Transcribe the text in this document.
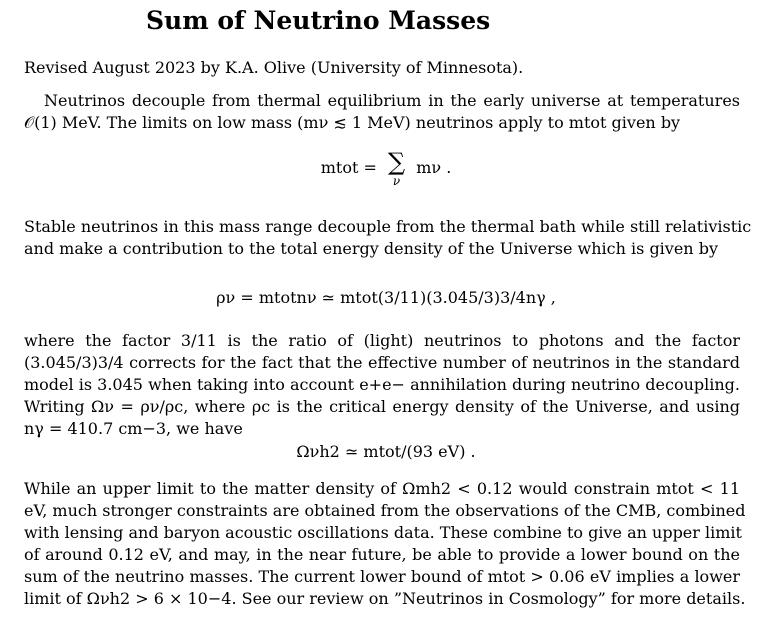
Sum of Neutrino Masses
Revised August 2023 by K.A. Olive (University of Minnesota).
Neutrinos decouple from thermal equilibrium in the early universe at temperatures
𝒪(1) MeV. The limits on low mass (mν ≲ 1 MeV) neutrinos apply to mtot given by
mtot = ∑
ν
mν .
Stable neutrinos in this mass range decouple from the thermal bath while still relativistic
and make a contribution to the total energy density of the Universe which is given by
ρν = mtotnν ≃ mtot(3/11)(3.045/3)3/4nγ ,
where the factor 3/11 is the ratio of (light) neutrinos to photons and the factor
(3.045/3)3/4 corrects for the fact that the effective number of neutrinos in the standard
model is 3.045 when taking into account e+e− annihilation during neutrino decoupling.
Writing Ων = ρν/ρc, where ρc is the critical energy density of the Universe, and using
nγ = 410.7 cm−3, we have
Ωνh2 ≃ mtot/(93 eV) .
While an upper limit to the matter density of Ωmh2 < 0.12 would constrain mtot < 11
eV, much stronger constraints are obtained from the observations of the CMB, combined
with lensing and baryon acoustic oscillations data. These combine to give an upper limit
of around 0.12 eV, and may, in the near future, be able to provide a lower bound on the
sum of the neutrino masses. The current lower bound of mtot > 0.06 eV implies a lower
limit of Ωνh2 > 6 × 10−4. See our review on ”Neutrinos in Cosmology” for more details.
